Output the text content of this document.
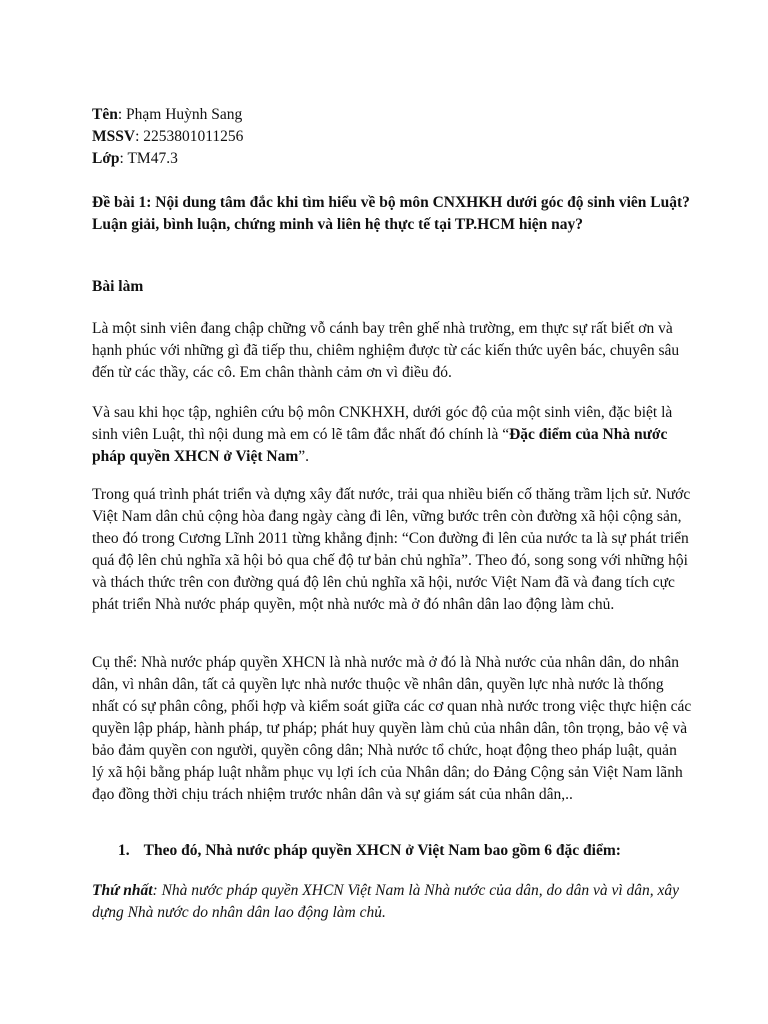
Tên: Phạm Huỳnh Sang

MSSV: 2253801011256

Lớp: TM47.3

Đề bài 1: Nội dung tâm đắc khi tìm hiểu về bộ môn CNXHKH dưới góc độ sinh viên Luật? Luận giải, bình luận, chứng minh và liên hệ thực tế tại TP.HCM hiện nay?

Bài làm

Là một sinh viên đang chập chững vỗ cánh bay trên ghế nhà trường, em thực sự rất biết ơn và hạnh phúc với những gì đã tiếp thu, chiêm nghiệm được từ các kiến thức uyên bác, chuyên sâu đến từ các thầy, các cô. Em chân thành cảm ơn vì điều đó.

Và sau khi học tập, nghiên cứu bộ môn CNKHXH, dưới góc độ của một sinh viên, đặc biệt là sinh viên Luật, thì nội dung mà em có lẽ tâm đắc nhất đó chính là “Đặc điểm của Nhà nước pháp quyền XHCN ở Việt Nam”.

Trong quá trình phát triển và dựng xây đất nước, trải qua nhiều biến cố thăng trầm lịch sử. Nước Việt Nam dân chủ cộng hòa đang ngày càng đi lên, vững bước trên còn đường xã hội cộng sản, theo đó trong Cương Lĩnh 2011 từng khẳng định: “Con đường đi lên của nước ta là sự phát triển quá độ lên chủ nghĩa xã hội bỏ qua chế độ tư bản chủ nghĩa”. Theo đó, song song với những hội và thách thức trên con đường quá độ lên chủ nghĩa xã hội, nước Việt Nam đã và đang tích cực phát triển Nhà nước pháp quyền, một nhà nước mà ở đó nhân dân lao động làm chủ.

Cụ thể: Nhà nước pháp quyền XHCN là nhà nước mà ở đó là Nhà nước của nhân dân, do nhân dân, vì nhân dân, tất cả quyền lực nhà nước thuộc về nhân dân, quyền lực nhà nước là thống nhất có sự phân công, phối hợp và kiểm soát giữa các cơ quan nhà nước trong việc thực hiện các quyền lập pháp, hành pháp, tư pháp; phát huy quyền làm chủ của nhân dân, tôn trọng, bảo vệ và bảo đảm quyền con người, quyền công dân; Nhà nước tổ chức, hoạt động theo pháp luật, quản lý xã hội bằng pháp luật nhằm phục vụ lợi ích của Nhân dân; do Đảng Cộng sản Việt Nam lãnh đạo đồng thời chịu trách nhiệm trước nhân dân và sự giám sát của nhân dân,..

1. Theo đó, Nhà nước pháp quyền XHCN ở Việt Nam bao gồm 6 đặc điểm:

Thứ nhất: Nhà nước pháp quyền XHCN Việt Nam là Nhà nước của dân, do dân và vì dân, xây dựng Nhà nước do nhân dân lao động làm chủ.
